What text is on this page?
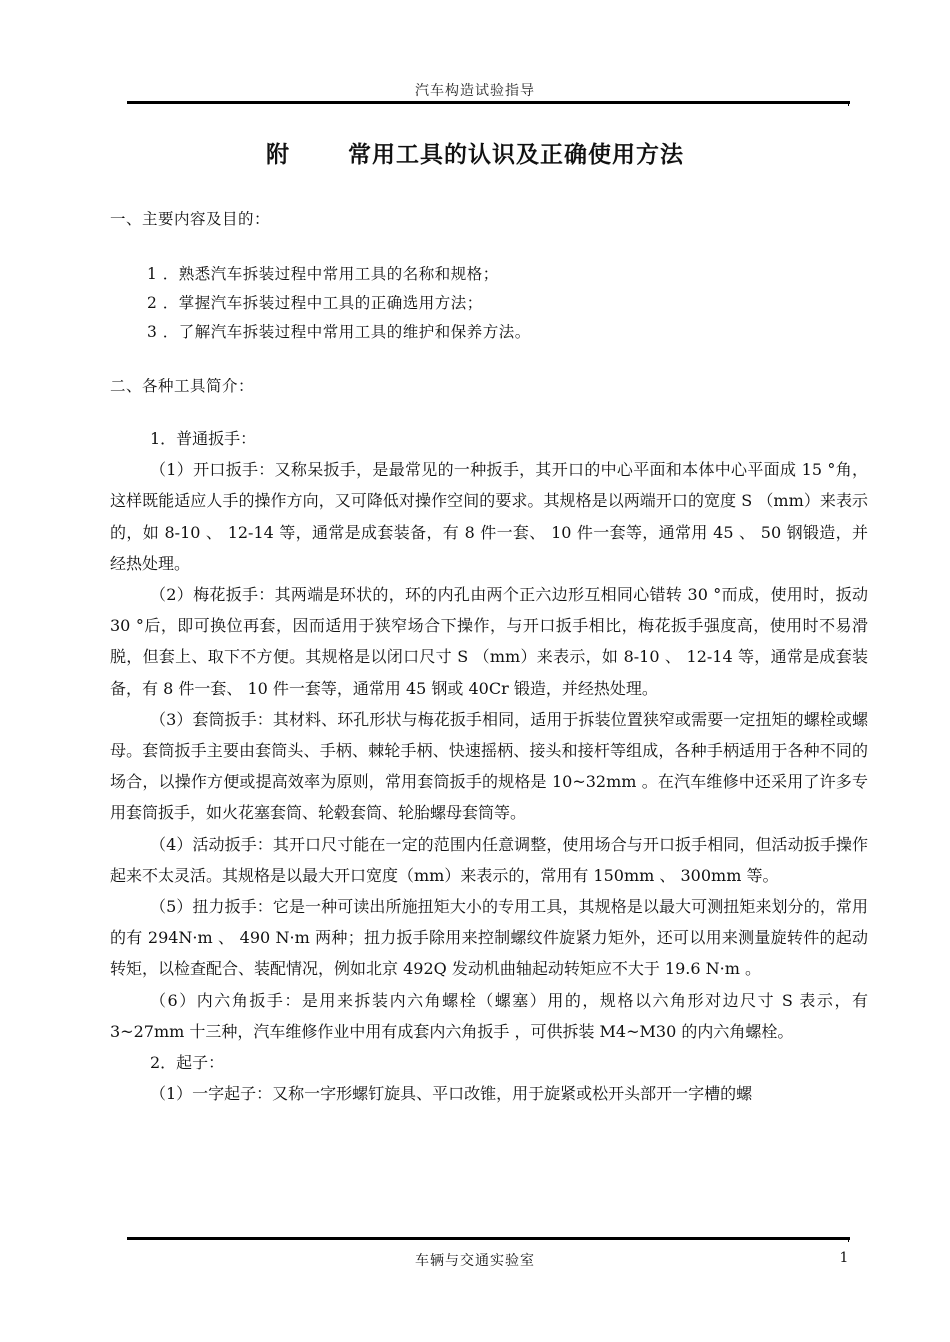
汽车构造试验指导
附	常用工具的认识及正确使用方法
一、主要内容及目的：
1 ．熟悉汽车拆装过程中常用工具的名称和规格；
2 ．掌握汽车拆装过程中工具的正确选用方法；
3 ．了解汽车拆装过程中常用工具的维护和保养方法。
二、各种工具简介：

1．普通扳手：

（1）开口扳手：又称呆扳手，是最常见的一种扳手，其开口的中心平面和本体中心平面成 15 °角，这样既能适应人手的操作方向，又可降低对操作空间的要求。其规格是以两端开口的宽度 S （mm）来表示的，如 8-10 、 12-14 等，通常是成套装备，有 8 件一套、 10 件一套等，通常用 45 、 50 钢锻造，并经热处理。

（2）梅花扳手：其两端是环状的，环的内孔由两个正六边形互相同心错转 30 °而成，使用时，扳动 30 °后，即可换位再套，因而适用于狭窄场合下操作，与开口扳手相比，梅花扳手强度高，使用时不易滑脱，但套上、取下不方便。其规格是以闭口尺寸 S （mm）来表示，如 8-10 、 12-14 等，通常是成套装备，有 8 件一套、 10 件一套等，通常用 45 钢或 40Cr 锻造，并经热处理。

（3）套筒扳手：其材料、环孔形状与梅花扳手相同，适用于拆装位置狭窄或需要一定扭矩的螺栓或螺母。套筒扳手主要由套筒头、手柄、棘轮手柄、快速摇柄、接头和接杆等组成，各种手柄适用于各种不同的场合，以操作方便或提高效率为原则，常用套筒扳手的规格是 10~32mm 。在汽车维修中还采用了许多专用套筒扳手，如火花塞套筒、轮毂套筒、轮胎螺母套筒等。

（4）活动扳手：其开口尺寸能在一定的范围内任意调整，使用场合与开口扳手相同，但活动扳手操作起来不太灵活。其规格是以最大开口宽度（mm）来表示的，常用有 150mm 、 300mm 等。

（5）扭力扳手：它是一种可读出所施扭矩大小的专用工具，其规格是以最大可测扭矩来划分的，常用的有 294N·m 、 490 N·m 两种；扭力扳手除用来控制螺纹件旋紧力矩外，还可以用来测量旋转件的起动转矩，以检查配合、装配情况，例如北京 492Q 发动机曲轴起动转矩应不大于 19.6 N·m 。

（6）内六角扳手：是用来拆装内六角螺栓（螺塞）用的，规格以六角形对边尺寸 S 表示，有 3~27mm 十三种，汽车维修作业中用有成套内六角扳手 ，可供拆装 M4~M30 的内六角螺栓。

2．起子：

（1）一字起子：又称一字形螺钉旋具、平口改锥，用于旋紧或松开头部开一字槽的螺

车辆与交通实验室	1
